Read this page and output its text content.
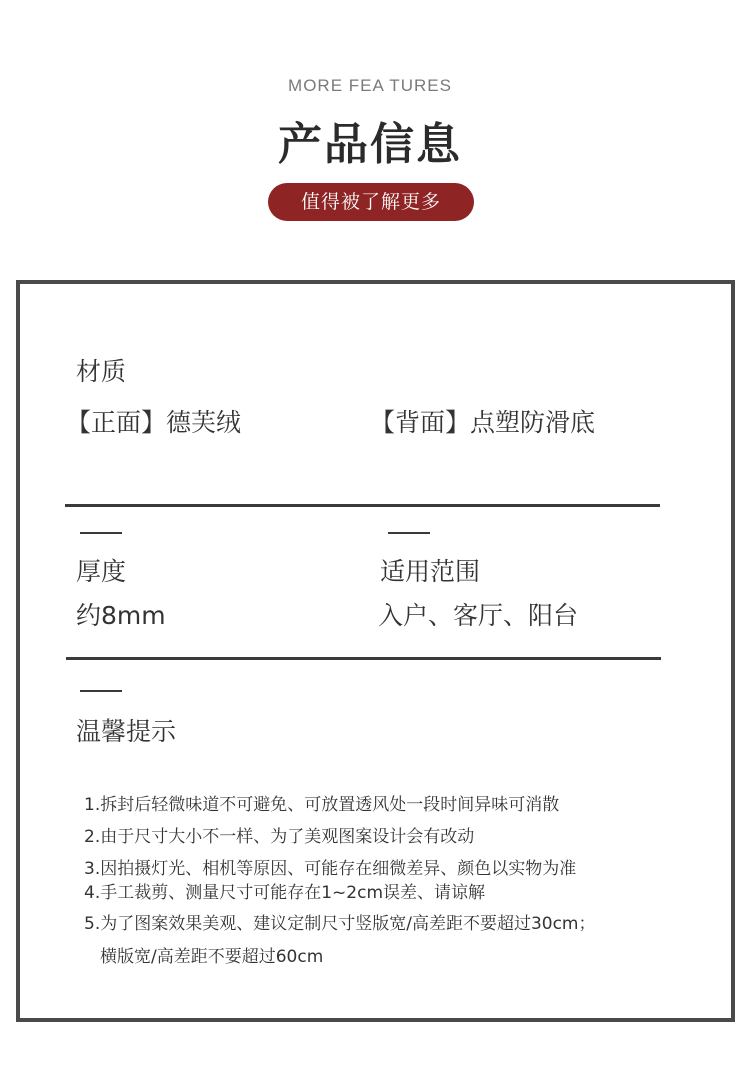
MORE FEA TURES
产品信息
值得被了解更多
材质
【正面】德芙绒	【背面】点塑防滑底
厚度
约8mm
适用范围
入户、客厅、阳台
温馨提示
1.拆封后轻微味道不可避免、可放置透风处一段时间异味可消散
2.由于尺寸大小不一样、为了美观图案设计会有改动
3.因拍摄灯光、相机等原因、可能存在细微差异、颜色以实物为准
4.手工裁剪、测量尺寸可能存在1~2cm误差、请谅解
5.为了图案效果美观、建议定制尺寸竖版宽/高差距不要超过30cm；
横版宽/高差距不要超过60cm
